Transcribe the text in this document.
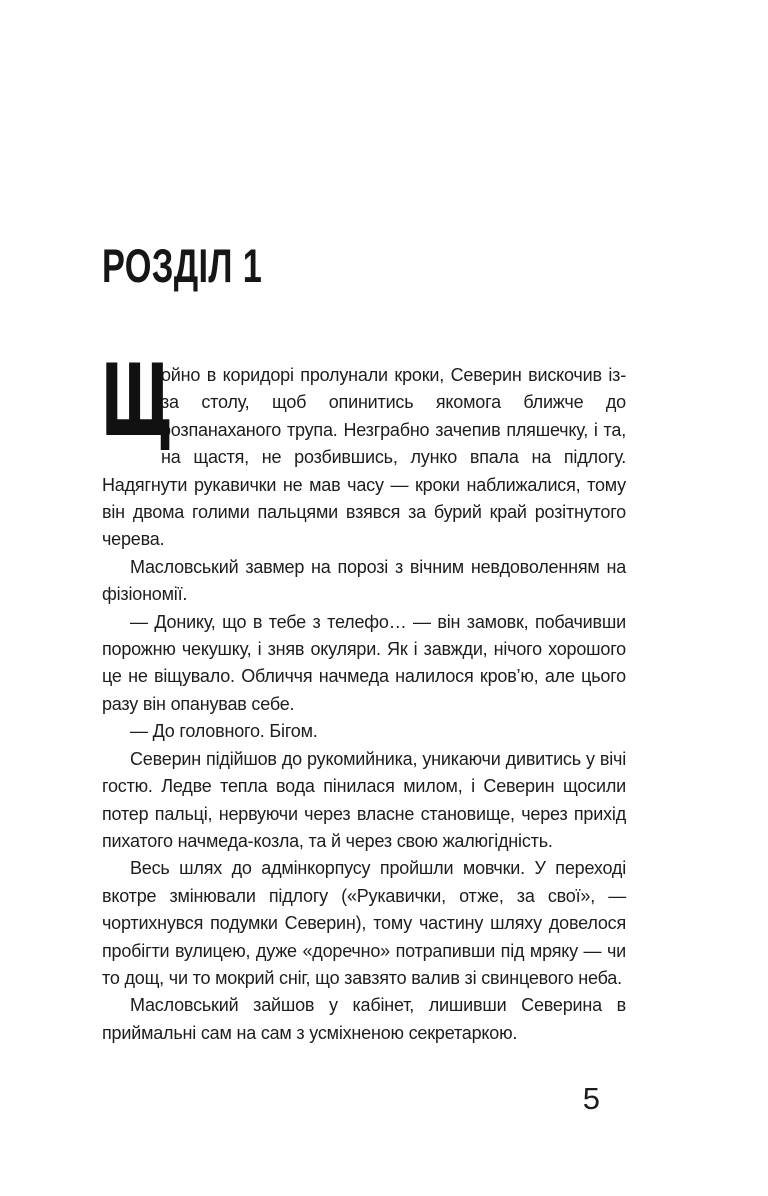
РОЗДІЛ 1

Щ
ойно в коридорі пролунали кроки, Северин вискочив із-за столу, щоб опинитись якомога ближче до розпанаханого трупа. Незграбно зачепив пляшечку, і та, на щастя, не розбившись, лунко впала на підлогу. Надягнути рукавички не мав часу — кроки наближалися, тому він двома голими пальцями взявся за бурий край розітнутого черева.

Масловський завмер на порозі з вічним невдоволенням на фізіономії.

— Донику, що в тебе з телефо… — він замовк, побачивши порожню чекушку, і зняв окуляри. Як і завжди, нічого хорошого це не віщувало. Обличчя начмеда налилося кров’ю, але цього разу він опанував себе.

— До головного. Бігом.

Северин підійшов до рукомийника, уникаючи дивитись у вічі гостю. Ледве тепла вода пінилася милом, і Северин щосили потер пальці, нервуючи через власне становище, через прихід пихатого начмеда-козла, та й через свою жалюгідність.

Весь шлях до адмінкорпусу пройшли мовчки. У переході вкотре змінювали підлогу («Рукавички, отже, за свої», — чортихнувся подумки Северин), тому частину шляху довелося пробігти вулицею, дуже «доречно» потрапивши під мряку — чи то дощ, чи то мокрий сніг, що завзято валив зі свинцевого неба.

Масловський зайшов у кабінет, лишивши Северина в приймальні сам на сам з усміхненою секретаркою.

5
